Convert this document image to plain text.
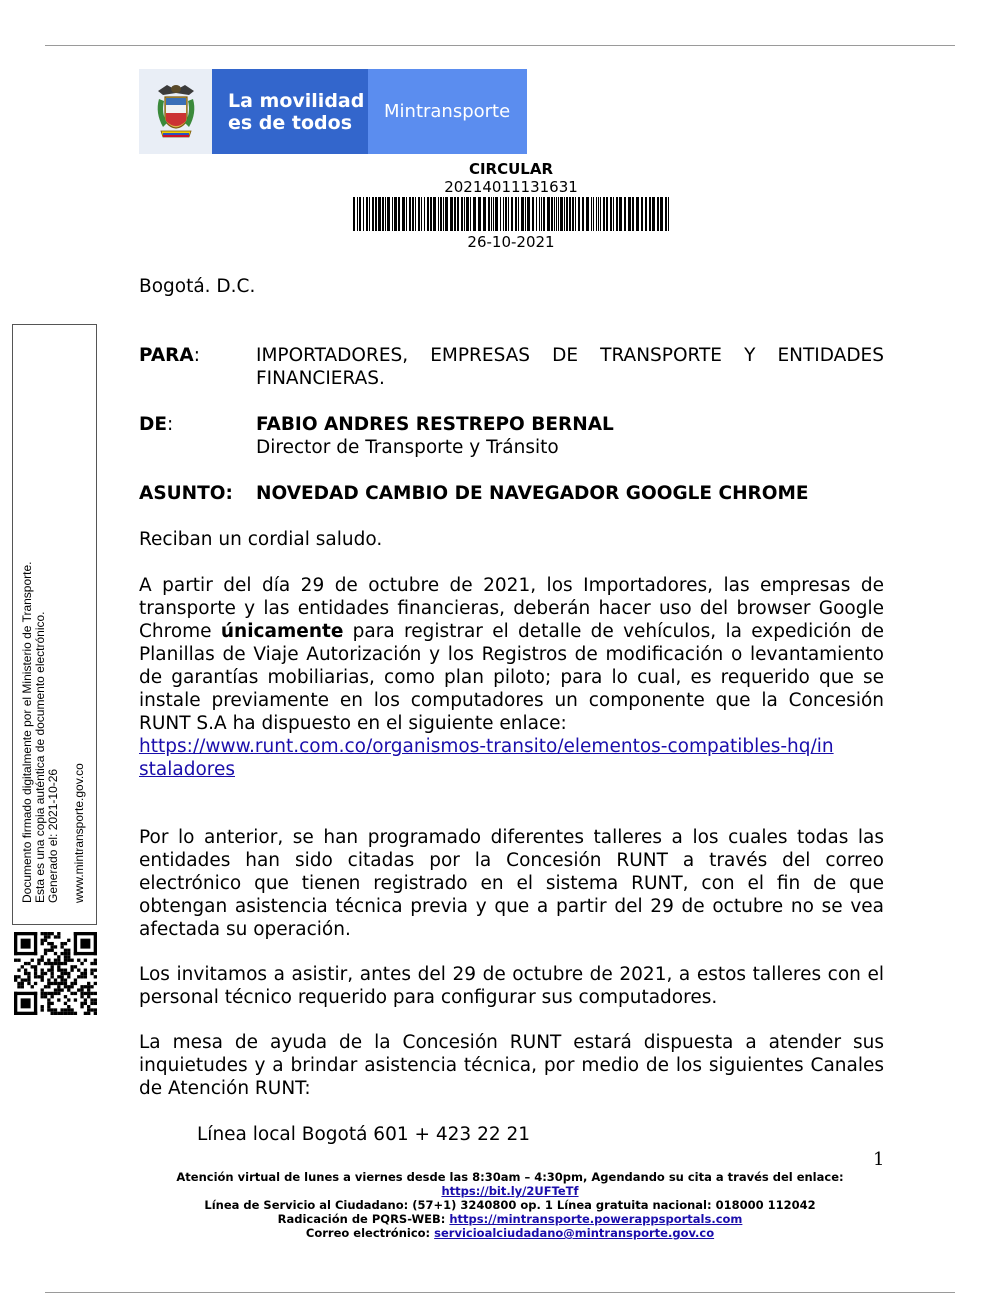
La movilidad
es de todos	Mintransporte
CIRCULAR
20214011131631
26-10-2021
Documento firmado digitalmente por el Ministerio de Transporte. Esta es una copia auténtica de documento electrónico. Generado el: 2021-10-26 www.mintransporte.gov.co
Bogotá. D.C.
PARA:	IMPORTADORES, EMPRESAS DE TRANSPORTE Y ENTIDADES FINANCIERAS.
DE:	FABIO ANDRES RESTREPO BERNAL
Director de Transporte y Tránsito
ASUNTO: NOVEDAD CAMBIO DE NAVEGADOR GOOGLE CHROME
Reciban un cordial saludo.
A partir del día 29 de octubre de 2021, los Importadores, las empresas de transporte y las entidades financieras, deberán hacer uso del browser Google Chrome únicamente para registrar el detalle de vehículos, la expedición de Planillas de Viaje Autorización y los Registros de modificación o levantamiento de garantías mobiliarias, como plan piloto; para lo cual, es requerido que se instale previamente en los computadores un componente que la Concesión RUNT S.A ha dispuesto en el siguiente enlace:
https://www.runt.com.co/organismos-transito/elementos-compatibles-hq/in
staladores
Por lo anterior, se han programado diferentes talleres a los cuales todas las entidades han sido citadas por la Concesión RUNT a través del correo electrónico que tienen registrado en el sistema RUNT, con el fin de que obtengan asistencia técnica previa y que a partir del 29 de octubre no se vea afectada su operación.
Los invitamos a asistir, antes del 29 de octubre de 2021, a estos talleres con el personal técnico requerido para configurar sus computadores.
La mesa de ayuda de la Concesión RUNT estará dispuesta a atender sus inquietudes y a brindar asistencia técnica, por medio de los siguientes Canales de Atención RUNT:
Línea local Bogotá 601 + 423 22 21
1
Atención virtual de lunes a viernes desde las 8:30am – 4:30pm, Agendando su cita a través del enlace:
https://bit.ly/2UFTeTf
Línea de Servicio al Ciudadano: (57+1) 3240800 op. 1 Línea gratuita nacional: 018000 112042
Radicación de PQRS-WEB: https://mintransporte.powerappsportals.com
Correo electrónico: servicioalciudadano@mintransporte.gov.co
